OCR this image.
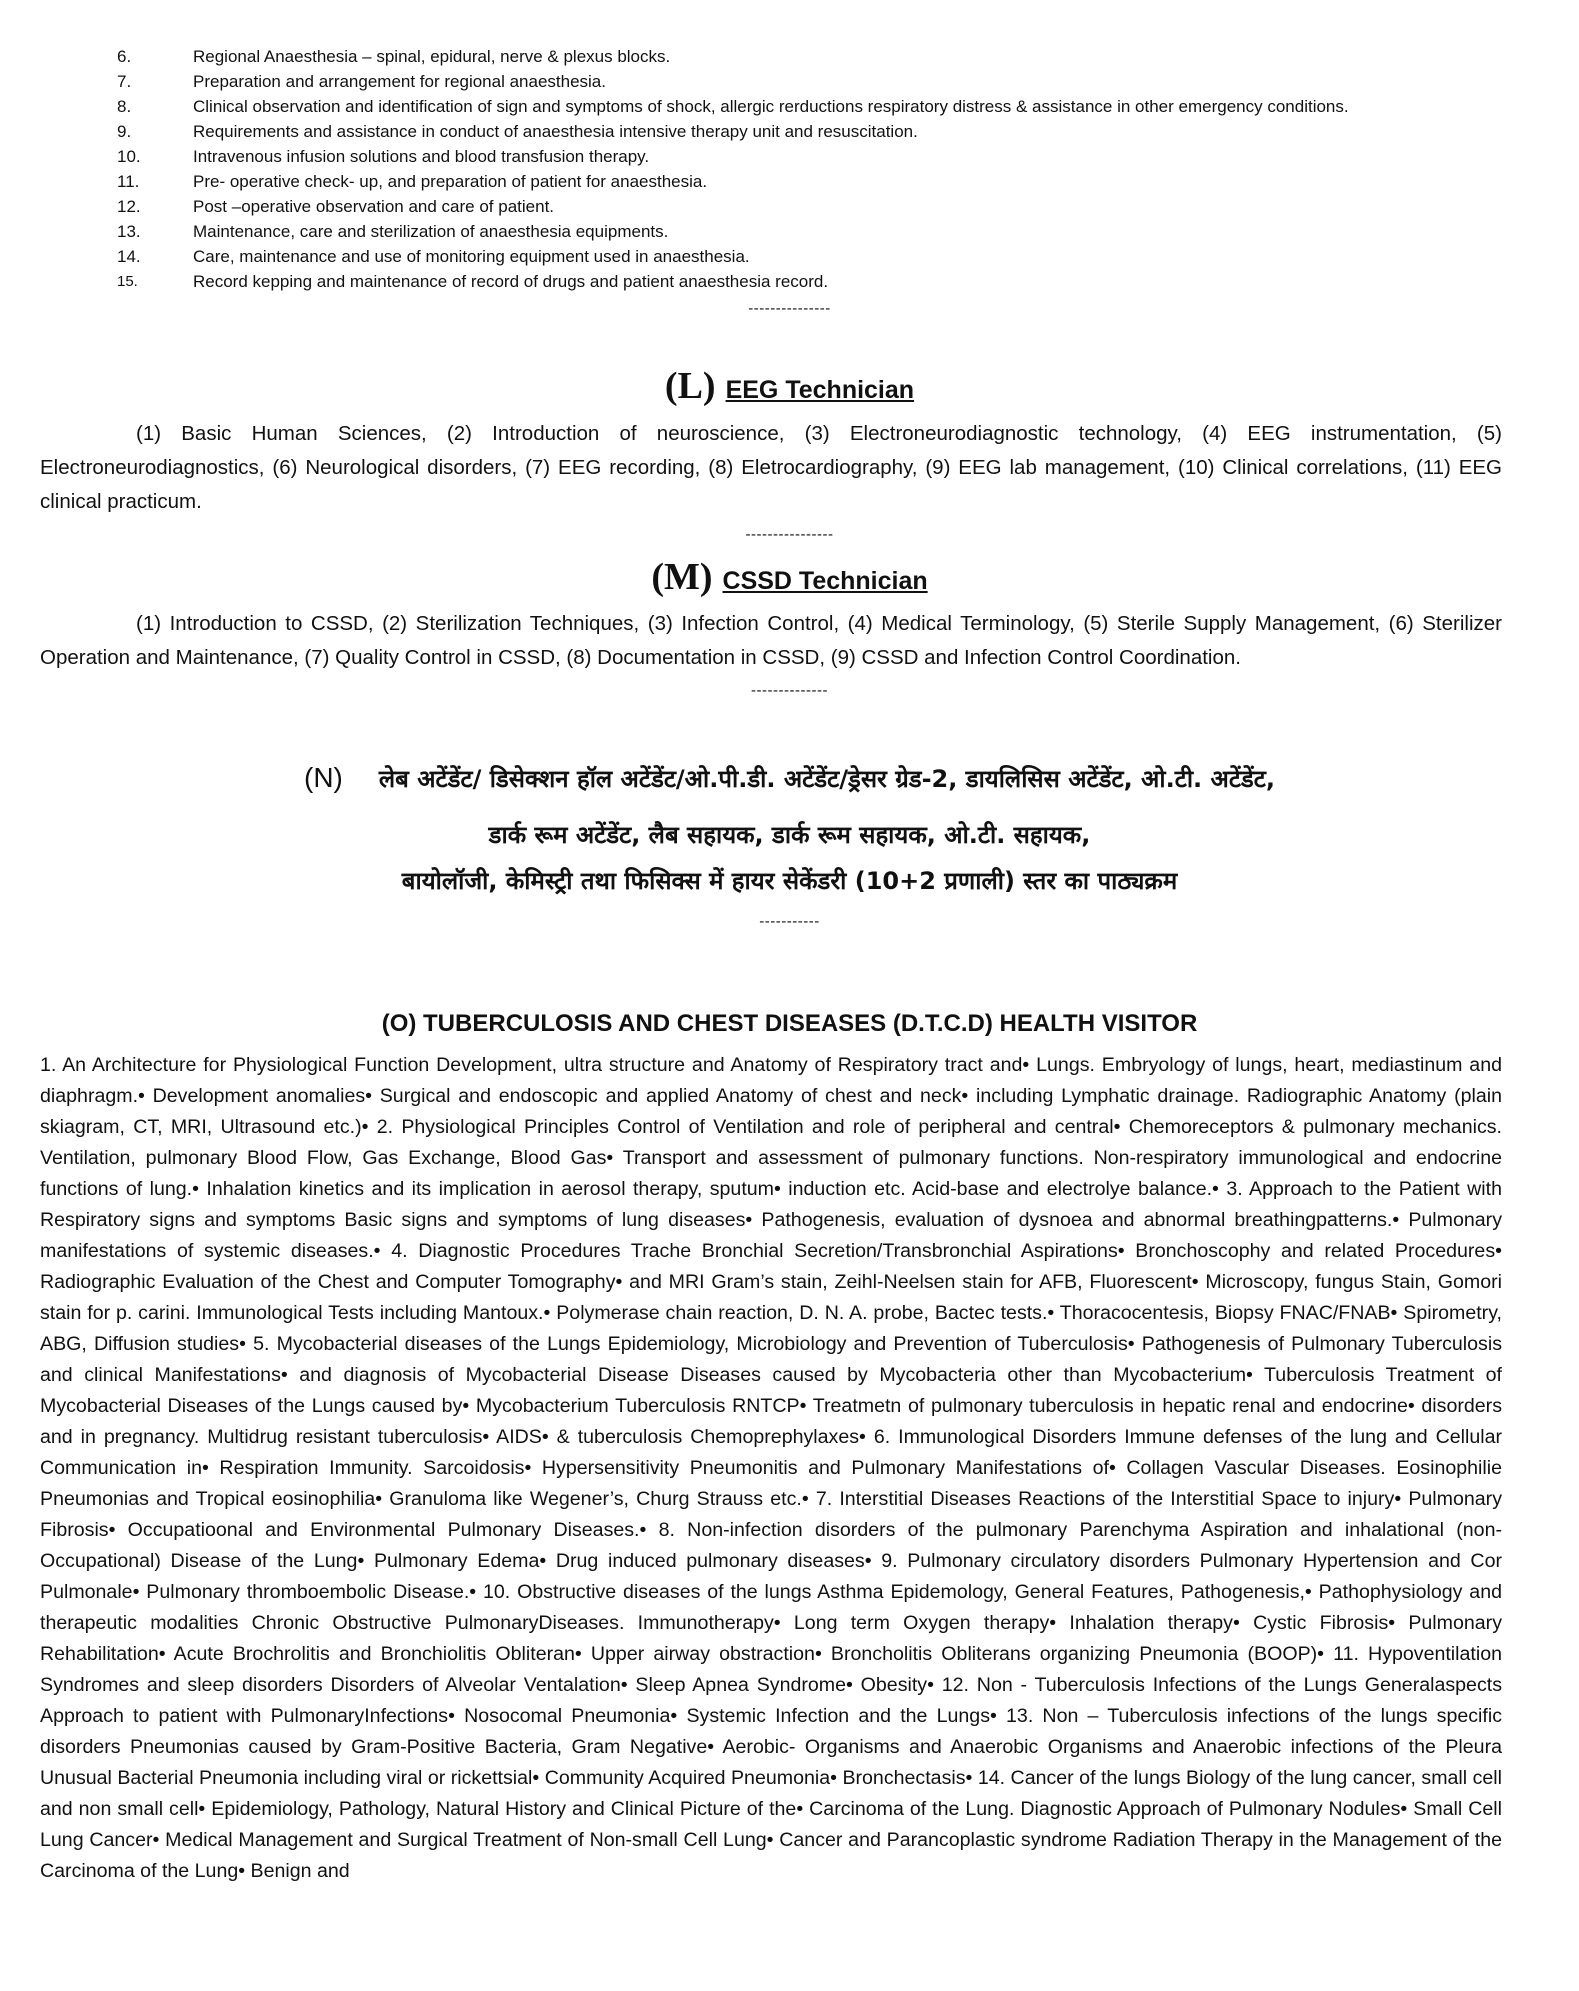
6.	Regional Anaesthesia – spinal, epidural, nerve & plexus blocks.
7.	Preparation and arrangement for regional anaesthesia.
8.	Clinical observation and identification of sign and symptoms of shock, allergic rerductions respiratory distress & assistance in other emergency conditions.
9.	Requirements and assistance in conduct of anaesthesia intensive therapy unit and resuscitation.
10.	Intravenous infusion solutions and blood transfusion therapy.
11.	Pre- operative check- up, and preparation of patient for anaesthesia.
12.	Post –operative observation and care of patient.
13.	Maintenance, care and sterilization of anaesthesia equipments.
14.	Care, maintenance and use of monitoring equipment used in anaesthesia.
15.	Record kepping and maintenance of record of drugs and patient anaesthesia record.
---------------
(L) EEG Technician
(1) Basic Human Sciences, (2) Introduction of neuroscience, (3) Electroneurodiagnostic technology, (4) EEG instrumentation, (5) Electroneurodiagnostics, (6) Neurological disorders, (7) EEG recording, (8) Eletrocardiography, (9) EEG lab management, (10) Clinical correlations, (11) EEG clinical practicum.
----------------
(M) CSSD Technician
(1) Introduction to CSSD, (2) Sterilization Techniques, (3) Infection Control, (4) Medical Terminology, (5) Sterile Supply Management, (6) Sterilizer Operation and Maintenance, (7) Quality Control in CSSD, (8) Documentation in CSSD, (9) CSSD and Infection Control Coordination.
--------------
(N) लेब अटेंडेंट/ डिसेक्शन हॉल अटेंडेंट/ओ.पी.डी. अटेंडेंट/ड्रेसर ग्रेड-2, डायलिसिस अटेंडेंट, ओ.टी. अटेंडेंट,
डार्क रूम अटेंडेंट, लैब सहायक, डार्क रूम सहायक, ओ.टी. सहायक,
बायोलॉजी, केमिस्ट्री तथा फिसिक्स में हायर सेकेंडरी (10+2 प्रणाली) स्तर का पाठ्यक्रम
-----------
(O) TUBERCULOSIS AND CHEST DISEASES (D.T.C.D) HEALTH VISITOR
1. An Architecture for Physiological Function Development, ultra structure and Anatomy of Respiratory tract and• Lungs. Embryology of lungs, heart, mediastinum and diaphragm.• Development anomalies• Surgical and endoscopic and applied Anatomy of chest and neck• including Lymphatic drainage. Radiographic Anatomy (plain skiagram, CT, MRI, Ultrasound etc.)• 2. Physiological Principles Control of Ventilation and role of peripheral and central• Chemoreceptors & pulmonary mechanics. Ventilation, pulmonary Blood Flow, Gas Exchange, Blood Gas• Transport and assessment of pulmonary functions. Non-respiratory immunological and endocrine functions of lung.• Inhalation kinetics and its implication in aerosol therapy, sputum• induction etc. Acid-base and electrolye balance.• 3. Approach to the Patient with Respiratory signs and symptoms Basic signs and symptoms of lung diseases• Pathogenesis, evaluation of dysnoea and abnormal breathingpatterns.• Pulmonary manifestations of systemic diseases.• 4. Diagnostic Procedures Trache Bronchial Secretion/Transbronchial Aspirations• Bronchoscophy and related Procedures• Radiographic Evaluation of the Chest and Computer Tomography• and MRI Gram’s stain, Zeihl-Neelsen stain for AFB, Fluorescent• Microscopy, fungus Stain, Gomori stain for p. carini. Immunological Tests including Mantoux.• Polymerase chain reaction, D. N. A. probe, Bactec tests.• Thoracocentesis, Biopsy FNAC/FNAB• Spirometry, ABG, Diffusion studies• 5. Mycobacterial diseases of the Lungs Epidemiology, Microbiology and Prevention of Tuberculosis• Pathogenesis of Pulmonary Tuberculosis and clinical Manifestations• and diagnosis of Mycobacterial Disease Diseases caused by Mycobacteria other than Mycobacterium• Tuberculosis Treatment of Mycobacterial Diseases of the Lungs caused by• Mycobacterium Tuberculosis RNTCP• Treatmetn of pulmonary tuberculosis in hepatic renal and endocrine• disorders and in pregnancy. Multidrug resistant tuberculosis• AIDS• & tuberculosis Chemoprephylaxes• 6. Immunological Disorders Immune defenses of the lung and Cellular Communication in• Respiration Immunity. Sarcoidosis• Hypersensitivity Pneumonitis and Pulmonary Manifestations of• Collagen Vascular Diseases. Eosinophilie Pneumonias and Tropical eosinophilia• Granuloma like Wegener’s, Churg Strauss etc.• 7. Interstitial Diseases Reactions of the Interstitial Space to injury• Pulmonary Fibrosis• Occupatioonal and Environmental Pulmonary Diseases.• 8. Non-infection disorders of the pulmonary Parenchyma Aspiration and inhalational (non-Occupational) Disease of the Lung• Pulmonary Edema• Drug induced pulmonary diseases• 9. Pulmonary circulatory disorders Pulmonary Hypertension and Cor Pulmonale• Pulmonary thromboembolic Disease.• 10. Obstructive diseases of the lungs Asthma Epidemology, General Features, Pathogenesis,• Pathophysiology and therapeutic modalities Chronic Obstructive PulmonaryDiseases. Immunotherapy• Long term Oxygen therapy• Inhalation therapy• Cystic Fibrosis• Pulmonary Rehabilitation• Acute Brochrolitis and Bronchiolitis Obliteran• Upper airway obstraction• Broncholitis Obliterans organizing Pneumonia (BOOP)• 11. Hypoventilation Syndromes and sleep disorders Disorders of Alveolar Ventalation• Sleep Apnea Syndrome• Obesity• 12. Non - Tuberculosis Infections of the Lungs Generalaspects Approach to patient with PulmonaryInfections• Nosocomal Pneumonia• Systemic Infection and the Lungs• 13. Non – Tuberculosis infections of the lungs specific disorders Pneumonias caused by Gram-Positive Bacteria, Gram Negative• Aerobic- Organisms and Anaerobic Organisms and Anaerobic infections of the Pleura Unusual Bacterial Pneumonia including viral or rickettsial• Community Acquired Pneumonia• Bronchectasis• 14. Cancer of the lungs Biology of the lung cancer, small cell and non small cell• Epidemiology, Pathology, Natural History and Clinical Picture of the• Carcinoma of the Lung. Diagnostic Approach of Pulmonary Nodules• Small Cell Lung Cancer• Medical Management and Surgical Treatment of Non-small Cell Lung• Cancer and Parancoplastic syndrome Radiation Therapy in the Management of the Carcinoma of the Lung• Benign and
